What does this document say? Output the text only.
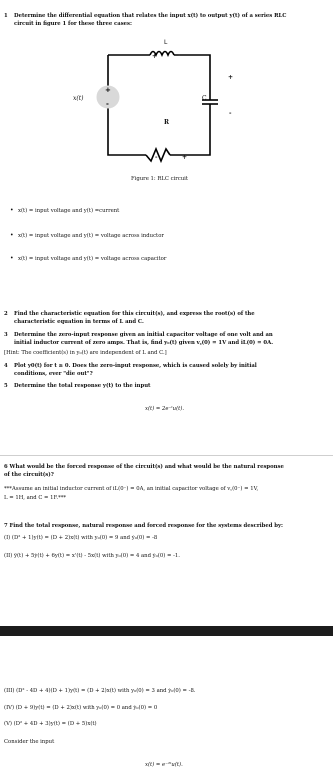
1 Determine the differential equation that relates the input x(t) to output y(t) of a series RLC
circuit in figure 1 for these three cases:
+
-
L
+	-
+
C
-
x(t)
R
-	+
Figure 1: RLC circuit
• x(t) = input voltage and y(t) =current
• x(t) = input voltage and y(t) = voltage across inductor
• x(t) = input voltage and y(t) = voltage across capacitor
2 Find the characteristic equation for this circuit(s), and express the root(s) of the
characteristic equation in terms of L and C.
3 Determine the zero-input response given an initial capacitor voltage of one volt and an
initial inductor current of zero amps. That is, find y₀(t) given v꜀(0) = 1V and iL(0) = 0A.
[Hint: The coefficient(s) in y₀(t) are independent of L and C.]
4 Plot y0(t) for t ≥ 0. Does the zero-input response, which is caused solely by initial
conditions, ever "die out"?
5 Determine the total response y(t) to the input
x(t) = 2e⁻ᵗu(t).
6 What would be the forced response of the circuit(s) and what would be the natural response
of the circuit(s)?
***Assume an initial inductor current of iL(0⁻) = 0A, an initial capacitor voltage of v꜀(0⁻) = 1V,
L = 1H, and C = 1F.***
7 Find the total response, natural response and forced response for the systems described by:
(I) (D² + 1)y(t) = (D + 2)x(t) with y₀(0) = 9 and ẏ₀(0) = -8
(II) ÿ(t) + 5ẏ(t) + 6y(t) = x'(t) - 5x(t) with y₀(0) = 4 and ẏ₀(0) = -1.
(III) (D² - 4D + 4)(D + 1)y(t) = (D + 2)x(t) with y₀(0) = 3 and ẏ₀(0) = -8.
(IV) (D + 9)y(t) = (D + 2)x(t) with y₀(0) = 0 and ẏ₀(0) = 0
(V) (D² + 4D + 3)y(t) = (D + 5)x(t)
Consider the input
x(t) = e⁻²ᵗu(t).
